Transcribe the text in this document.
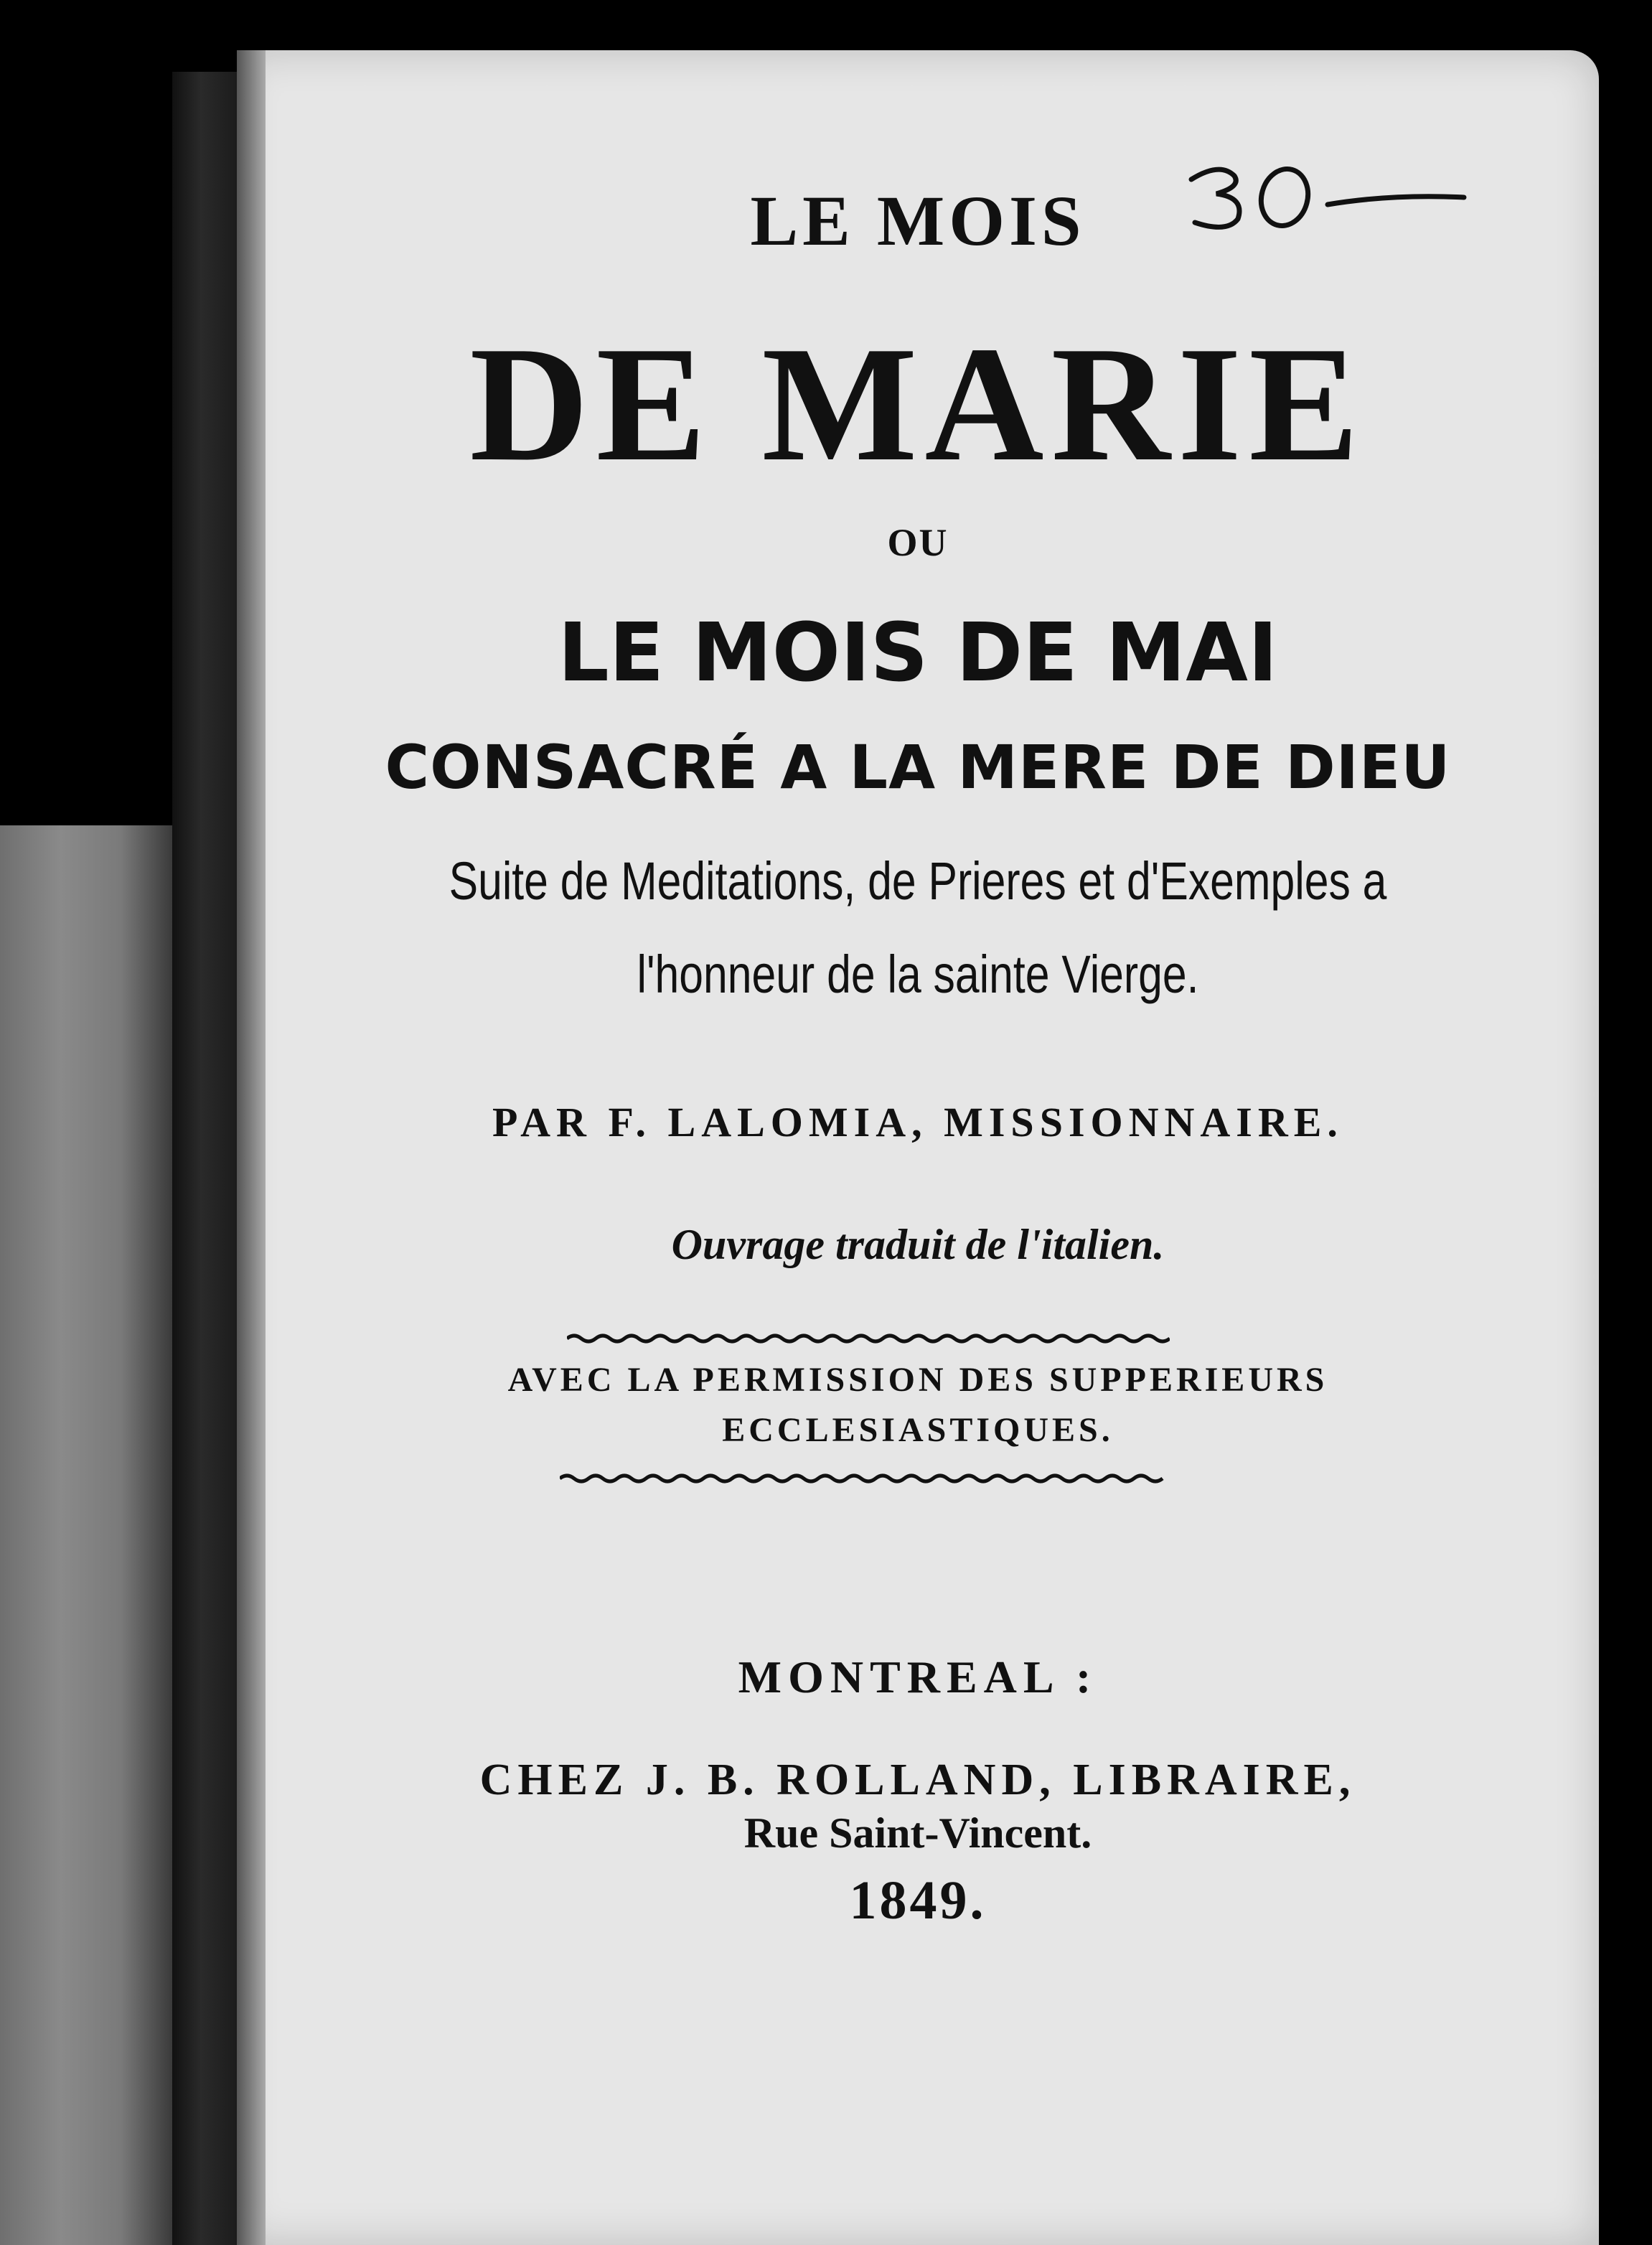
LE MOIS
DE MARIE
OU
LE MOIS DE MAI
CONSACRÉ A LA MERE DE DIEU
Suite de Meditations, de Prieres et d'Exemples a
l'honneur de la sainte Vierge.
PAR F. LALOMIA, MISSIONNAIRE.
Ouvrage traduit de l'italien.
AVEC LA PERMISSION DES SUPPERIEURS
ECCLESIASTIQUES.
MONTREAL :
CHEZ J. B. ROLLAND, LIBRAIRE,
Rue Saint-Vincent.
1849.
